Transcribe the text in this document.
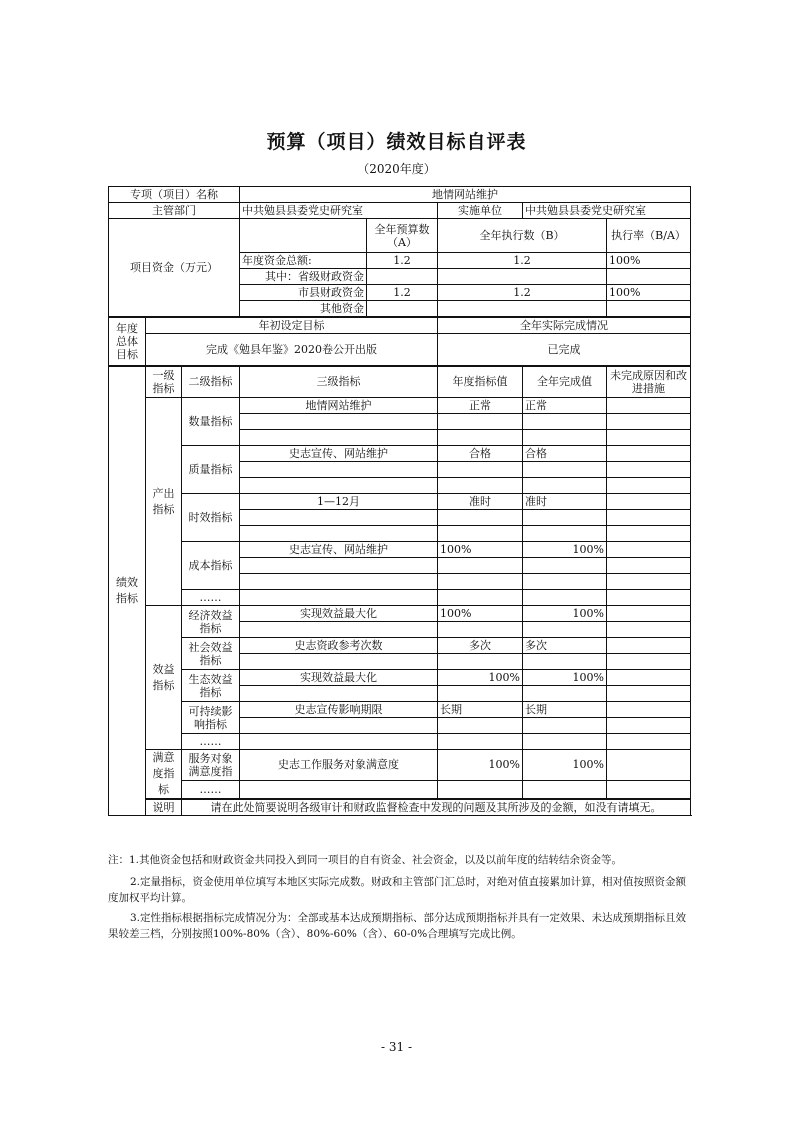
预算（项目）绩效目标自评表
（2020年度）
专项（项目）名称			地情网站维护				
主管部门			中共勉县县委党史研究室		实施单位	中共勉县县委党史研究室	
项目资金（万元）				全年预算数（A）	全年执行数（B）		执行率（B/A）
			年度资金总额:	1.2	1.2		100%
			其中：省级财政资金				
			市县财政资金	1.2	1.2		100%
			其他资金				
年度总体目标	年初设定目标				全年实际完成情况		
	完成《勉县年鉴》2020卷公开出版				已完成		
绩效指标	一级指标	二级指标	三级指标		年度指标值	全年完成值	未完成原因和改进措施
	产出指标	数量指标	地情网站维护		正常	正常	

		质量指标	史志宣传、网站维护		合格	合格	

		时效指标	1—12月		准时	准时	

		成本指标	史志宣传、网站维护		100%	100%	

		……					
	效益指标	经济效益指标	实现效益最大化		100%	100%	

		社会效益指标	史志资政参考次数		多次	多次	

		生态效益指标	实现效益最大化		100%	100%	

		可持续影响指标	史志宣传影响期限		长期	长期	

		……					
	满意度指标	服务对象满意度指	史志工作服务对象满意度		100%	100%	
		……					
	说明	请在此处简要说明各级审计和财政监督检查中发现的问题及其所涉及的金额，如没有请填无。					
注：1.其他资金包括和财政资金共同投入到同一项目的自有资金、社会资金，以及以前年度的结转结余资金等。
2.定量指标，资金使用单位填写本地区实际完成数。财政和主管部门汇总时，对绝对值直接累加计算，相对值按照资金额度加权平均计算。
3.定性指标根据指标完成情况分为：全部或基本达成预期指标、部分达成预期指标并具有一定效果、未达成预期指标且效果较差三档，分别按照100%-80%（含）、80%-60%（含）、60-0%合理填写完成比例。
- 31 -
